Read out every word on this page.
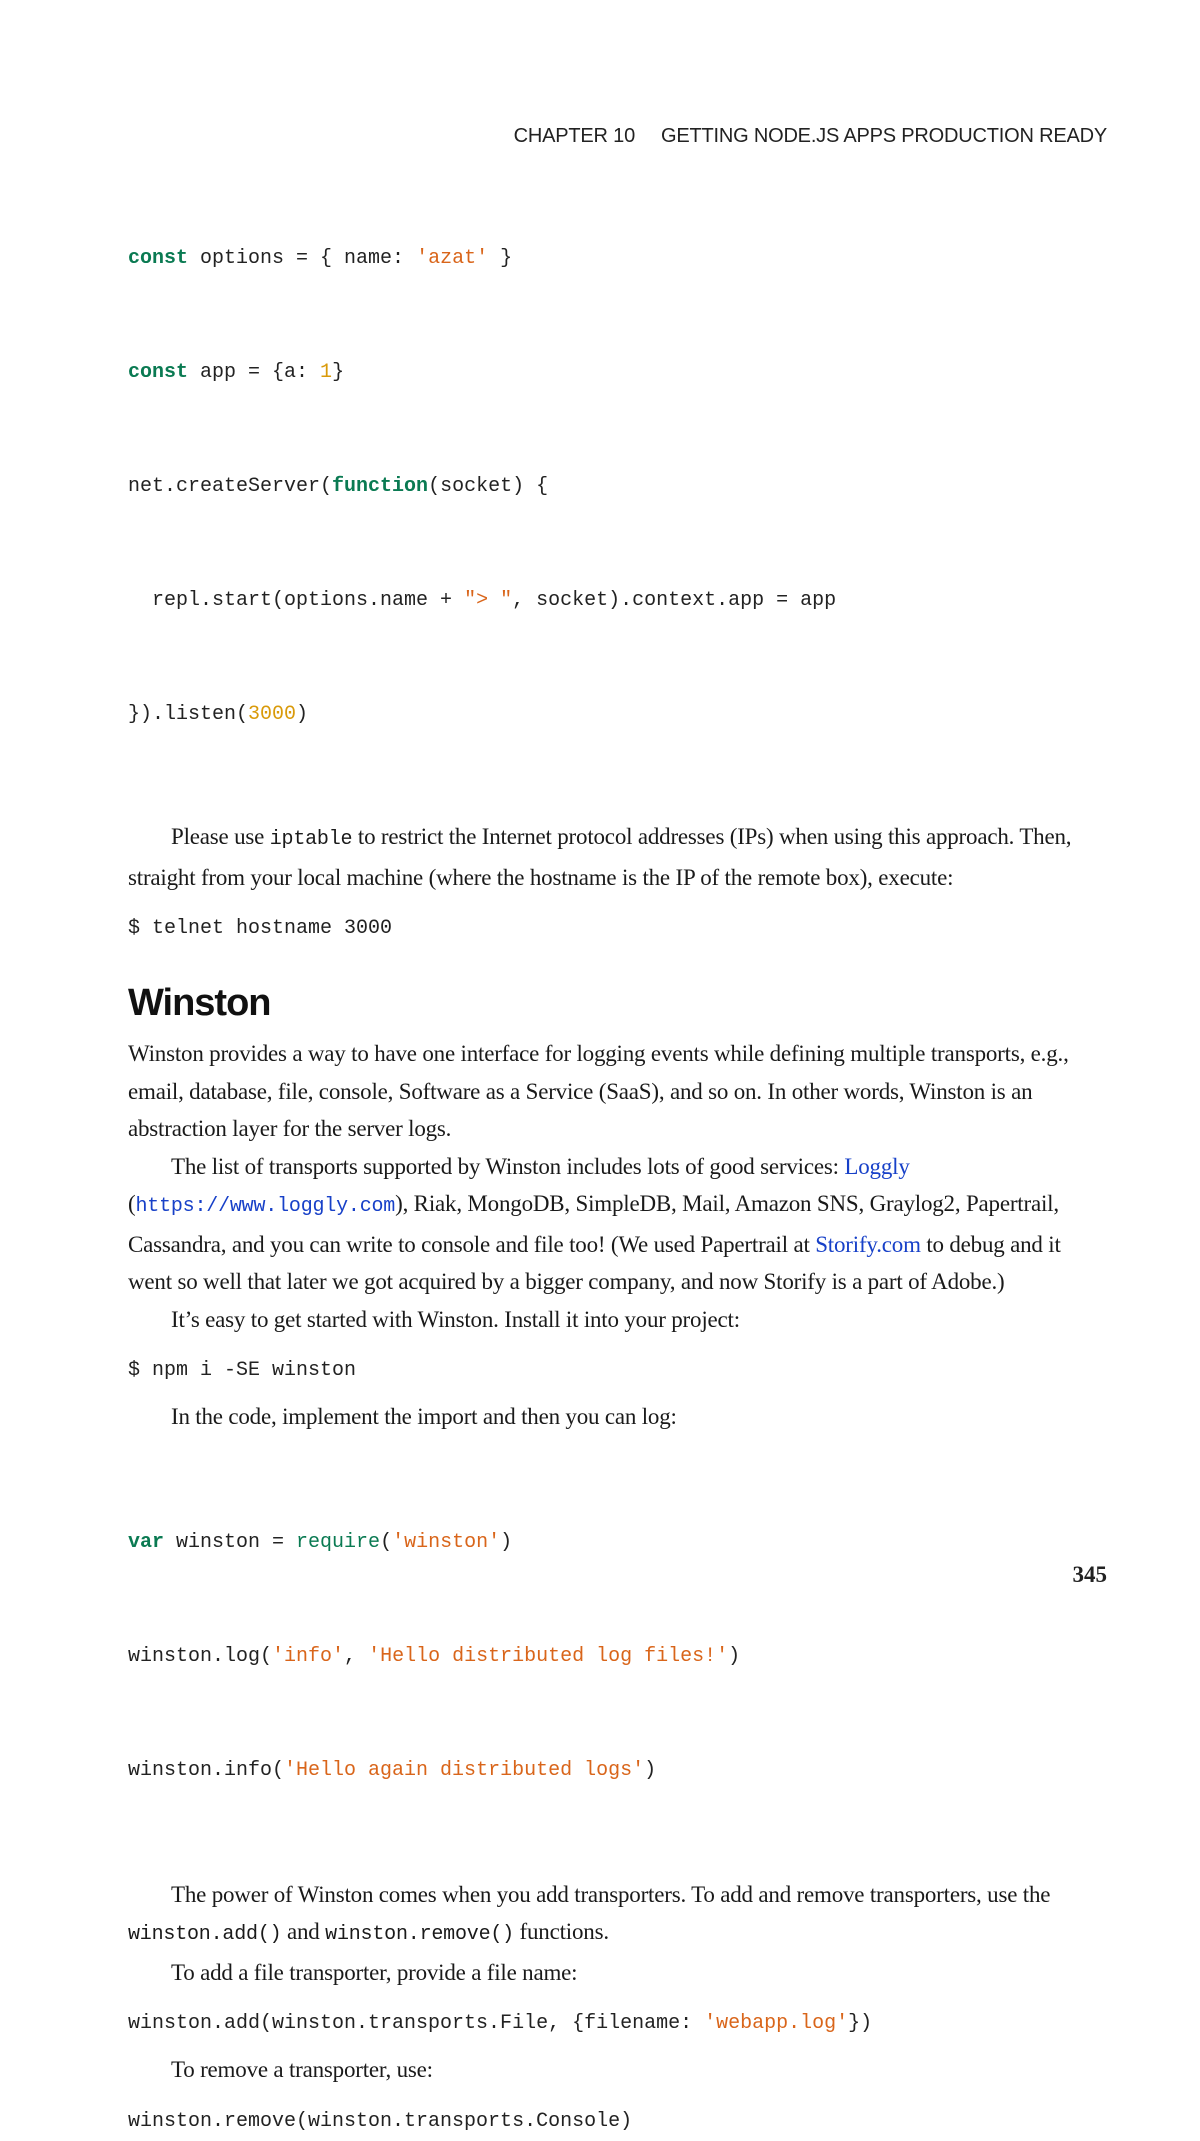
CHAPTER 10 GETTING NODE.JS APPS PRODUCTION READY

const options = { name: 'azat' }

const app = {a: 1}

net.createServer(function(socket) {

repl.start(options.name + "> ", socket).context.app = app

}).listen(3000)

Please use iptable to restrict the Internet protocol addresses (IPs) when using this approach. Then, straight from your local machine (where the hostname is the IP of the remote box), execute:

$ telnet hostname 3000
Winston

Winston provides a way to have one interface for logging events while defining multiple transports, e.g., email, database, file, console, Software as a Service (SaaS), and so on. In other words, Winston is an abstraction layer for the server logs.

The list of transports supported by Winston includes lots of good services: Loggly (https://www.loggly.com), Riak, MongoDB, SimpleDB, Mail, Amazon SNS, Graylog2, Papertrail, Cassandra, and you can write to console and file too! (We used Papertrail at Storify.com to debug and it went so well that later we got acquired by a bigger company, and now Storify is a part of Adobe.)

It’s easy to get started with Winston. Install it into your project:

$ npm i -SE winston

In the code, implement the import and then you can log:

var winston = require('winston')

winston.log('info', 'Hello distributed log files!')

winston.info('Hello again distributed logs')

The power of Winston comes when you add transporters. To add and remove transporters, use the winston.add() and winston.remove() functions.

To add a file transporter, provide a file name:

winston.add(winston.transports.File, {filename: 'webapp.log'})

To remove a transporter, use:

winston.remove(winston.transports.Console)
345
